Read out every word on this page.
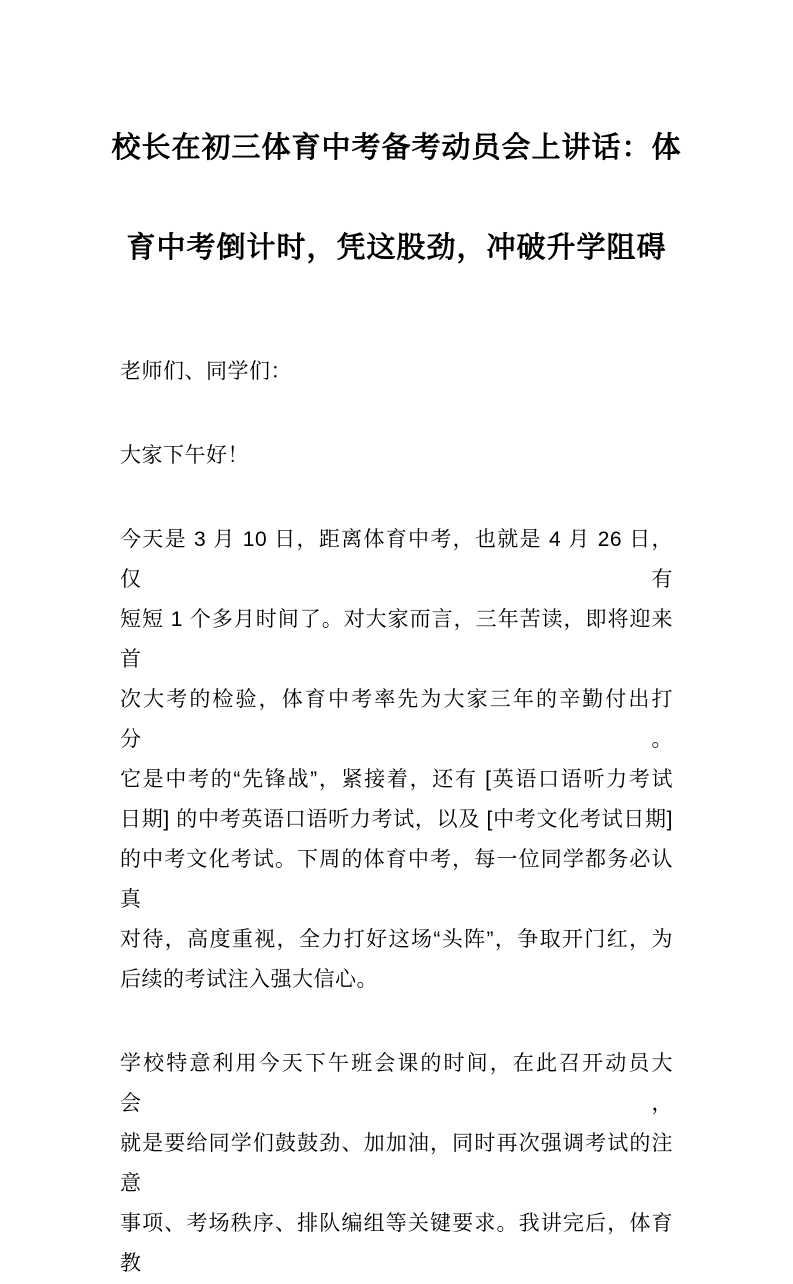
校长在初三体育中考备考动员会上讲话：体
育中考倒计时，凭这股劲，冲破升学阻碍
老师们、同学们：
大家下午好！
今天是 3 月 10 日，距离体育中考，也就是 4 月 26 日，仅有
短短 1 个多月时间了。对大家而言，三年苦读，即将迎来首
次大考的检验，体育中考率先为大家三年的辛勤付出打分。
它是中考的“先锋战”，紧接着，还有 [英语口语听力考试
日期] 的中考英语口语听力考试，以及 [中考文化考试日期]
的中考文化考试。下周的体育中考，每一位同学都务必认真
对待，高度重视，全力打好这场“头阵”，争取开门红，为
后续的考试注入强大信心。
学校特意利用今天下午班会课的时间，在此召开动员大会，
就是要给同学们鼓鼓劲、加加油，同时再次强调考试的注意
事项、考场秩序、排队编组等关键要求。我讲完后，体育教
